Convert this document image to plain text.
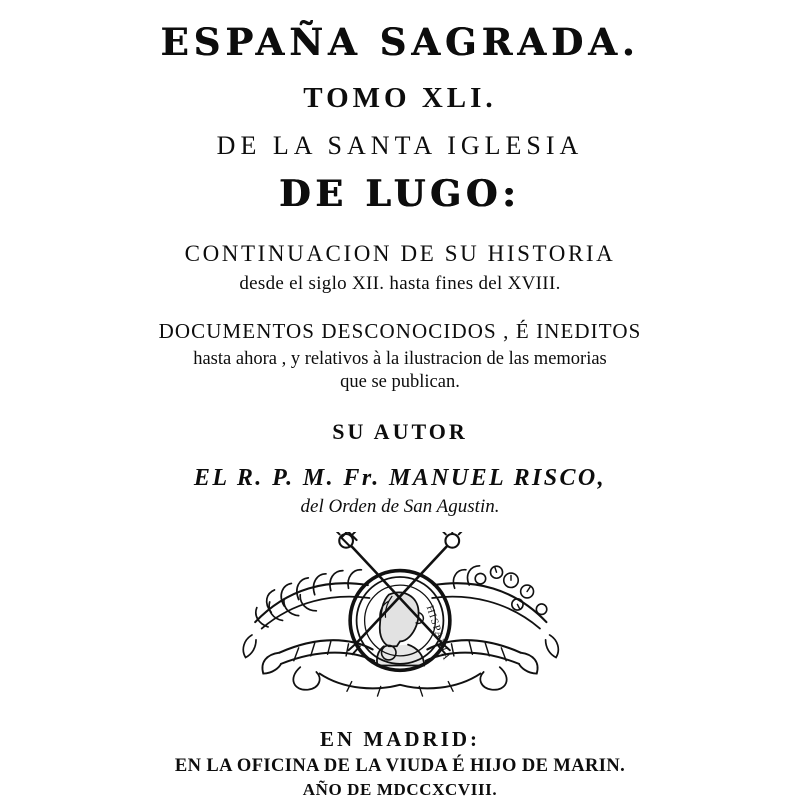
ESPAÑA SAGRADA.
TOMO XLI.
DE LA SANTA IGLESIA
DE LUGO:
CONTINUACION DE SU HISTORIA
desde el siglo XII. hasta fines del XVIII.
DOCUMENTOS DESCONOCIDOS , É INEDITOS
hasta ahora , y relativos à la ilustracion de las memorias
que se publican.
SU AUTOR
EL R. P. M. Fr. MANUEL RISCO,
del Orden de San Agustin.
HISPANIA
EN MADRID:
EN LA OFICINA DE LA VIUDA É HIJO DE MARIN.
AÑO DE MDCCXCVIII.
